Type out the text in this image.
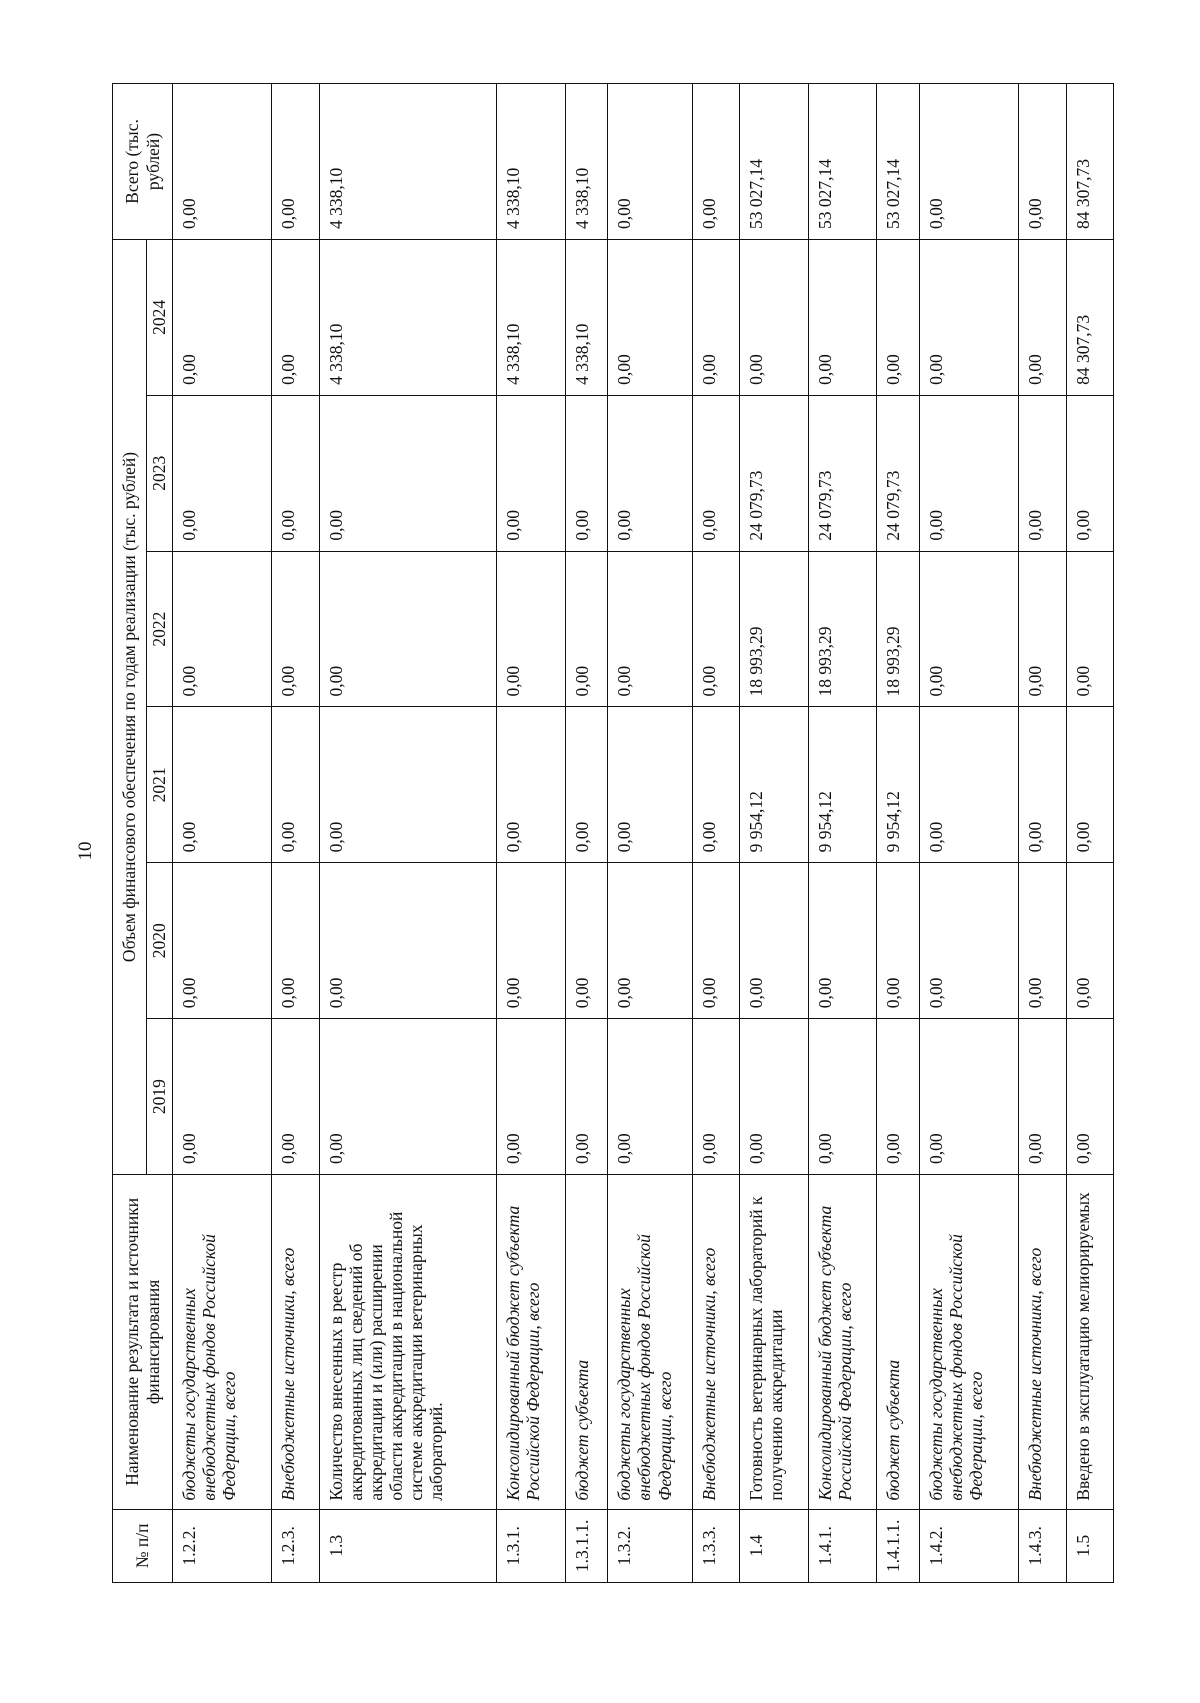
10
№ п/п	Наименование результата и источники финансирования	Объем финансового обеспечения по годам реализации (тыс. рублей)						Всего (тыс. рублей)
		2019	2020	2021	2022	2023	2024	
1.2.2.	бюджеты государственных внебюджетных фондов Российской Федерации, всего	0,00	0,00	0,00	0,00	0,00	0,00	0,00
1.2.3.	Внебюджетные источники, всего	0,00	0,00	0,00	0,00	0,00	0,00	0,00
1.3	Количество внесенных в реестр аккредитованных лиц сведений об аккредитации и (или) расширении области аккредитации в национальной системе аккредитации ветеринарных лабораторий.	0,00	0,00	0,00	0,00	0,00	4 338,10	4 338,10
1.3.1.	Консолидированный бюджет субъекта Российской Федерации, всего	0,00	0,00	0,00	0,00	0,00	4 338,10	4 338,10
1.3.1.1.	бюджет субъекта	0,00	0,00	0,00	0,00	0,00	4 338,10	4 338,10
1.3.2.	бюджеты государственных внебюджетных фондов Российской Федерации, всего	0,00	0,00	0,00	0,00	0,00	0,00	0,00
1.3.3.	Внебюджетные источники, всего	0,00	0,00	0,00	0,00	0,00	0,00	0,00
1.4	Готовность ветеринарных лабораторий к получению аккредитации	0,00	0,00	9 954,12	18 993,29	24 079,73	0,00	53 027,14
1.4.1.	Консолидированный бюджет субъекта Российской Федерации, всего	0,00	0,00	9 954,12	18 993,29	24 079,73	0,00	53 027,14
1.4.1.1.	бюджет субъекта	0,00	0,00	9 954,12	18 993,29	24 079,73	0,00	53 027,14
1.4.2.	бюджеты государственных внебюджетных фондов Российской Федерации, всего	0,00	0,00	0,00	0,00	0,00	0,00	0,00
1.4.3.	Внебюджетные источники, всего	0,00	0,00	0,00	0,00	0,00	0,00	0,00
1.5	Введено в эксплуатацию мелиорируемых	0,00	0,00	0,00	0,00	0,00	84 307,73	84 307,73
